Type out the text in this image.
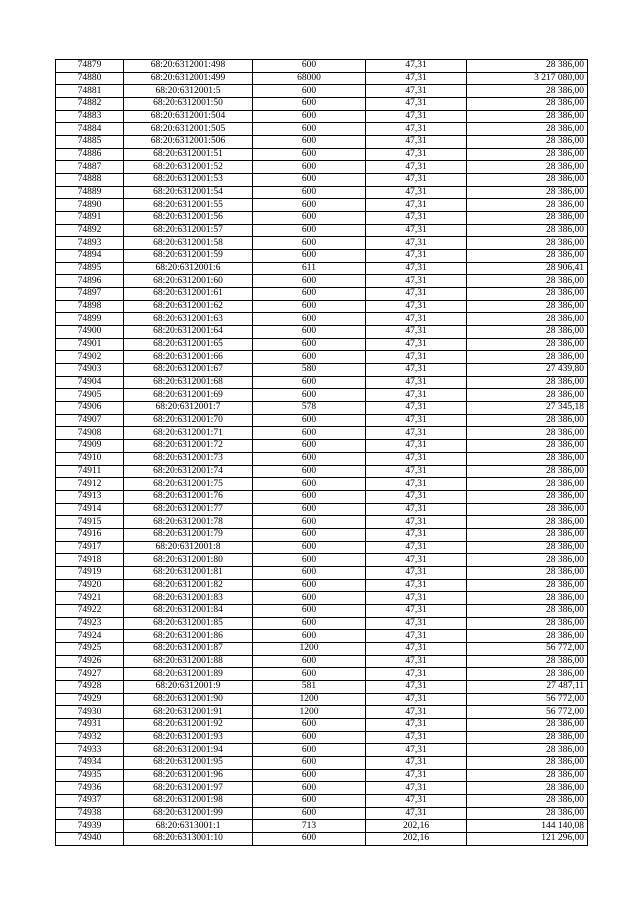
74879	68:20:6312001:498	600	47,31	28 386,00
74880	68:20:6312001:499	68000	47,31	3 217 080,00
74881	68:20:6312001:5	600	47,31	28 386,00
74882	68:20:6312001:50	600	47,31	28 386,00
74883	68:20:6312001:504	600	47,31	28 386,00
74884	68:20:6312001:505	600	47,31	28 386,00
74885	68:20:6312001:506	600	47,31	28 386,00
74886	68:20:6312001:51	600	47,31	28 386,00
74887	68:20:6312001:52	600	47,31	28 386,00
74888	68:20:6312001:53	600	47,31	28 386,00
74889	68:20:6312001:54	600	47,31	28 386,00
74890	68:20:6312001:55	600	47,31	28 386,00
74891	68:20:6312001:56	600	47,31	28 386,00
74892	68:20:6312001:57	600	47,31	28 386,00
74893	68:20:6312001:58	600	47,31	28 386,00
74894	68:20:6312001:59	600	47,31	28 386,00
74895	68:20:6312001:6	611	47,31	28 906,41
74896	68:20:6312001:60	600	47,31	28 386,00
74897	68:20:6312001:61	600	47,31	28 386,00
74898	68:20:6312001:62	600	47,31	28 386,00
74899	68:20:6312001:63	600	47,31	28 386,00
74900	68:20:6312001:64	600	47,31	28 386,00
74901	68:20:6312001:65	600	47,31	28 386,00
74902	68:20:6312001:66	600	47,31	28 386,00
74903	68:20:6312001:67	580	47,31	27 439,80
74904	68:20:6312001:68	600	47,31	28 386,00
74905	68:20:6312001:69	600	47,31	28 386,00
74906	68:20:6312001:7	578	47,31	27 345,18
74907	68:20:6312001:70	600	47,31	28 386,00
74908	68:20:6312001:71	600	47,31	28 386,00
74909	68:20:6312001:72	600	47,31	28 386,00
74910	68:20:6312001:73	600	47,31	28 386,00
74911	68:20:6312001:74	600	47,31	28 386,00
74912	68:20:6312001:75	600	47,31	28 386,00
74913	68:20:6312001:76	600	47,31	28 386,00
74914	68:20:6312001:77	600	47,31	28 386,00
74915	68:20:6312001:78	600	47,31	28 386,00
74916	68:20:6312001:79	600	47,31	28 386,00
74917	68:20:6312001:8	600	47,31	28 386,00
74918	68:20:6312001:80	600	47,31	28 386,00
74919	68:20:6312001:81	600	47,31	28 386,00
74920	68:20:6312001:82	600	47,31	28 386,00
74921	68:20:6312001:83	600	47,31	28 386,00
74922	68:20:6312001:84	600	47,31	28 386,00
74923	68:20:6312001:85	600	47,31	28 386,00
74924	68:20:6312001:86	600	47,31	28 386,00
74925	68:20:6312001:87	1200	47,31	56 772,00
74926	68:20:6312001:88	600	47,31	28 386,00
74927	68:20:6312001:89	600	47,31	28 386,00
74928	68:20:6312001:9	581	47,31	27 487,11
74929	68:20:6312001:90	1200	47,31	56 772,00
74930	68:20:6312001:91	1200	47,31	56 772,00
74931	68:20:6312001:92	600	47,31	28 386,00
74932	68:20:6312001:93	600	47,31	28 386,00
74933	68:20:6312001:94	600	47,31	28 386,00
74934	68:20:6312001:95	600	47,31	28 386,00
74935	68:20:6312001:96	600	47,31	28 386,00
74936	68:20:6312001:97	600	47,31	28 386,00
74937	68:20:6312001:98	600	47,31	28 386,00
74938	68:20:6312001:99	600	47,31	28 386,00
74939	68:20:6313001:1	713	202,16	144 140,08
74940	68:20:6313001:10	600	202,16	121 296,00
